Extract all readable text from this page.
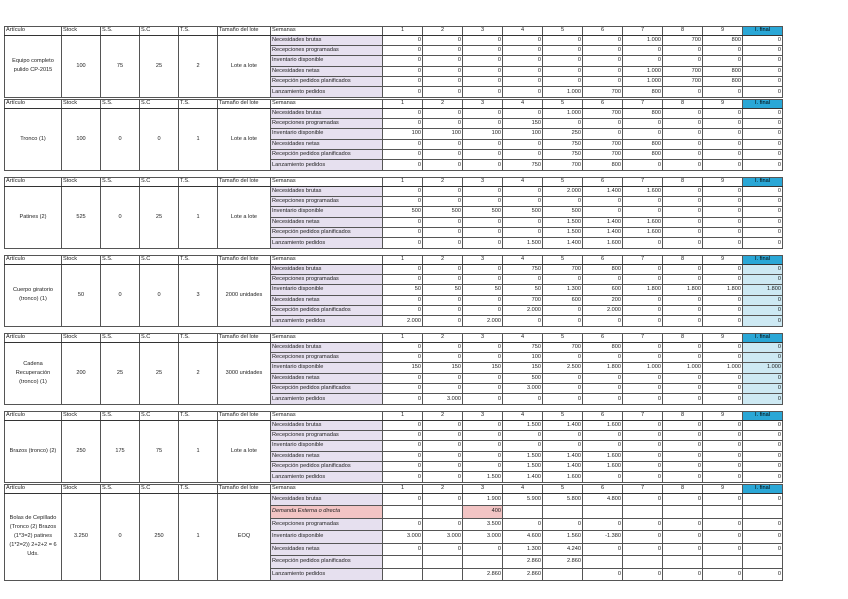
Artículo	Stock	S.S.	S.C	T.S.	Tamaño del lote	Semanas	1	2	3	4	5	6	7	8	9	I. final
Equipo completo pulido CP-2015	100	75	25	2	Lote a lote	Necesidades brutas	0	0	0	0	0	0	1.000	700	800	0
						Recepciones programadas	0	0	0	0	0	0	0	0	0	0
						Inventario disponible	0	0	0	0	0	0	0	0	0	0
						Necesidades netas	0	0	0	0	0	0	1.000	700	800	0
						Recepción pedidos planificados	0	0	0	0	0	0	1.000	700	800	0
						Lanzamiento pedidos	0	0	0	0	1.000	700	800	0	0	0
Artículo	Stock	S.S.	S.C	T.S.	Tamaño del lote	Semanas	1	2	3	4	5	6	7	8	9	I. final
Tronco (1)	100	0	0	1	Lote a lote	Necesidades brutas	0	0	0	0	1.000	700	800	0	0	0
						Recepciones programadas	0	0	0	150	0	0	0	0	0	0
						Inventario disponible	100	100	100	100	250	0	0	0	0	0
						Necesidades netas	0	0	0	0	750	700	800	0	0	0
						Recepción pedidos planificados	0	0	0	0	750	700	800	0	0	0
						Lanzamiento pedidos	0	0	0	750	700	800	0	0	0	0
Artículo	Stock	S.S.	S.C	T.S.	Tamaño del lote	Semanas	1	2	3	4	5	6	7	8	9	I. final
Patines (2)	525	0	25	1	Lote a lote	Necesidades brutas	0	0	0	0	2.000	1.400	1.600	0	0	0
						Recepciones programadas	0	0	0	0	0	0	0	0	0	0
						Inventario disponible	500	500	500	500	500	0	0	0	0	0
						Necesidades netas	0	0	0	0	1.500	1.400	1.600	0	0	0
						Recepción pedidos planificados	0	0	0	0	1.500	1.400	1.600	0	0	0
						Lanzamiento pedidos	0	0	0	1.500	1.400	1.600	0	0	0	0
Artículo	Stock	S.S.	S.C	T.S.	Tamaño del lote	Semanas	1	2	3	4	5	6	7	8	9	I. final
Cuerpo giratorio (tronco) (1)	50	0	0	3	2000 unidades	Necesidades brutas	0	0	0	750	700	800	0	0	0	0
						Recepciones programadas	0	0	0	0	0	0	0	0	0	0
						Inventario disponible	50	50	50	50	1.300	600	1.800	1.800	1.800	1.800
						Necesidades netas	0	0	0	700	600	200	0	0	0	0
						Recepción pedidos planificados	0	0	0	2.000	0	2.000	0	0	0	0
						Lanzamiento pedidos	2.000	0	2.000	0	0	0	0	0	0	0
Artículo	Stock	S.S.	S.C	T.S.	Tamaño del lote	Semanas	1	2	3	4	5	6	7	8	9	I. final
Cadena Recuperación (tronco) (1)	200	25	25	2	3000 unidades	Necesidades brutas	0	0	0	750	700	800	0	0	0	0
						Recepciones programadas	0	0	0	100	0	0	0	0	0	0
						Inventario disponible	150	150	150	150	2.500	1.800	1.000	1.000	1.000	1.000
						Necesidades netas	0	0	0	500	0	0	0	0	0	0
						Recepción pedidos planificados	0	0	0	3.000	0	0	0	0	0	0
						Lanzamiento pedidos	0	3.000	0	0	0	0	0	0	0	0
Artículo	Stock	S.S.	S.C	T.S.	Tamaño del lote	Semanas	1	2	3	4	5	6	7	8	9	I. final
Brazos (tronco) (2)	250	175	75	1	Lote a lote	Necesidades brutas	0	0	0	1.500	1.400	1.600	0	0	0	0
						Recepciones programadas	0	0	0	0	0	0	0	0	0	0
						Inventario disponible	0	0	0	0	0	0	0	0	0	0
						Necesidades netas	0	0	0	1.500	1.400	1.600	0	0	0	0
						Recepción pedidos planificados	0	0	0	1.500	1.400	1.600	0	0	0	0
						Lanzamiento pedidos	0	0	1.500	1.400	1.600	0	0	0	0	0
Artículo	Stock	S.S.	S.C	T.S.	Tamaño del lote	Semanas	1	2	3	4	5	6	7	8	9	I. final
Bolas de Cepillado (Tronco (2) Brazos (1*3=2) patines (1*2=2)) 2+2+2 = 6 Uds.	3.250	0	250	1	EOQ	Necesidades brutas	0	0	1.900	5.900	5.800	4.800	0	0	0	0
						Demanda Externa o directa			400							
						Recepciones programadas	0	0	3.500	0	0	0	0	0	0	0
						Inventario disponible	3.000	3.000	3.000	4.600	1.560	-1.380	0	0	0	0
						Necesidades netas	0	0	0	1.300	4.240	0	0	0	0	0
						Recepción pedidos planificados				2.860	2.860					
						Lanzamiento pedidos			2.860	2.860		0	0	0	0	0
